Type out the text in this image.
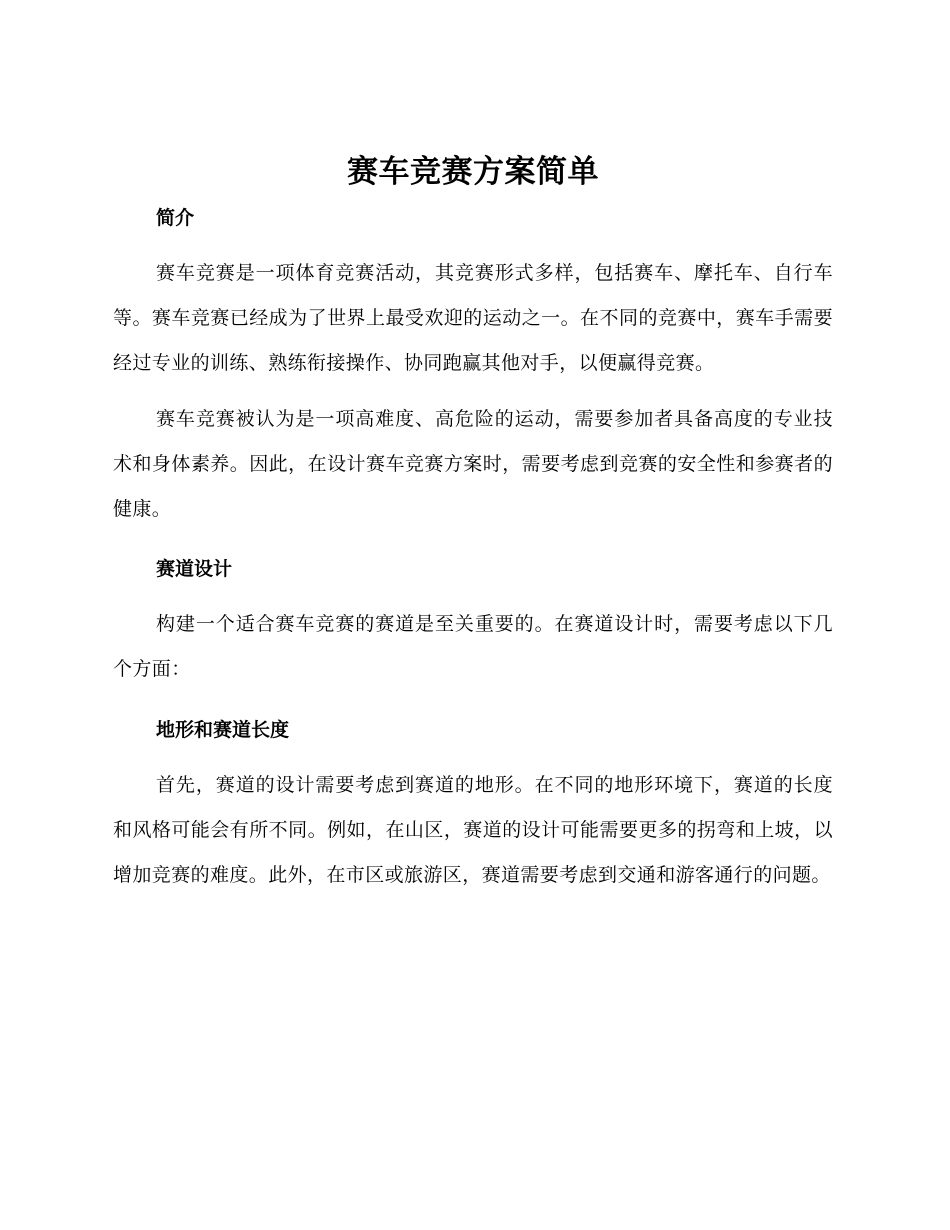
赛车竞赛方案简单
简介

赛车竞赛是一项体育竞赛活动，其竞赛形式多样，包括赛车、摩托车、自行车等。赛车竞赛已经成为了世界上最受欢迎的运动之一。在不同的竞赛中，赛车手需要经过专业的训练、熟练衔接操作、协同跑赢其他对手，以便赢得竞赛。

赛车竞赛被认为是一项高难度、高危险的运动，需要参加者具备高度的专业技术和身体素养。因此，在设计赛车竞赛方案时，需要考虑到竞赛的安全性和参赛者的健康。

赛道设计

构建一个适合赛车竞赛的赛道是至关重要的。在赛道设计时，需要考虑以下几个方面：

地形和赛道长度

首先，赛道的设计需要考虑到赛道的地形。在不同的地形环境下，赛道的长度和风格可能会有所不同。例如，在山区，赛道的设计可能需要更多的拐弯和上坡，以增加竞赛的难度。此外，在市区或旅游区，赛道需要考虑到交通和游客通行的问题。
